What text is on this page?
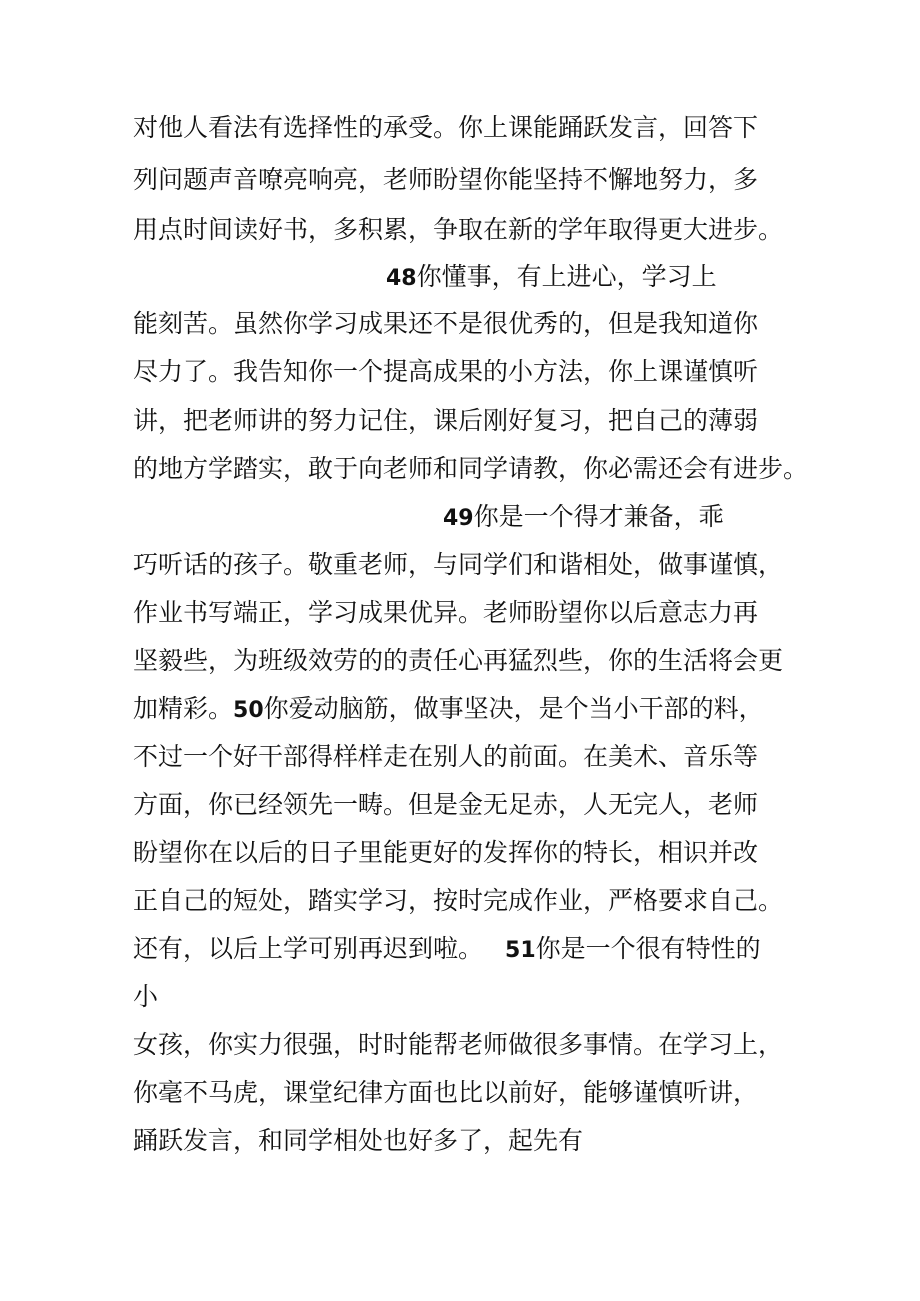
对他人看法有选择性的承受。你上课能踊跃发言，回答下
列问题声音嘹亮响亮，老师盼望你能坚持不懈地努力，多
用点时间读好书，多积累，争取在新的学年取得更大进步。
48你懂事，有上进心，学习上
能刻苦。虽然你学习成果还不是很优秀的，但是我知道你
尽力了。我告知你一个提高成果的小方法，你上课谨慎听
讲，把老师讲的努力记住，课后刚好复习，把自己的薄弱
的地方学踏实，敢于向老师和同学请教，你必需还会有进步。
49你是一个得才兼备，乖
巧听话的孩子。敬重老师，与同学们和谐相处，做事谨慎，
作业书写端正，学习成果优异。老师盼望你以后意志力再
坚毅些，为班级效劳的的责任心再猛烈些，你的生活将会更
加精彩。50你爱动脑筋，做事坚决，是个当小干部的料，
不过一个好干部得样样走在别人的前面。在美术、音乐等
方面，你已经领先一畴。但是金无足赤，人无完人，老师
盼望你在以后的日子里能更好的发挥你的特长，相识并改
正自己的短处，踏实学习，按时完成作业，严格要求自己。
还有，以后上学可别再迟到啦。 51你是一个很有特性的
小
女孩，你实力很强，时时能帮老师做很多事情。在学习上，
你毫不马虎，课堂纪律方面也比以前好，能够谨慎听讲，
踊跃发言，和同学相处也好多了，起先有
